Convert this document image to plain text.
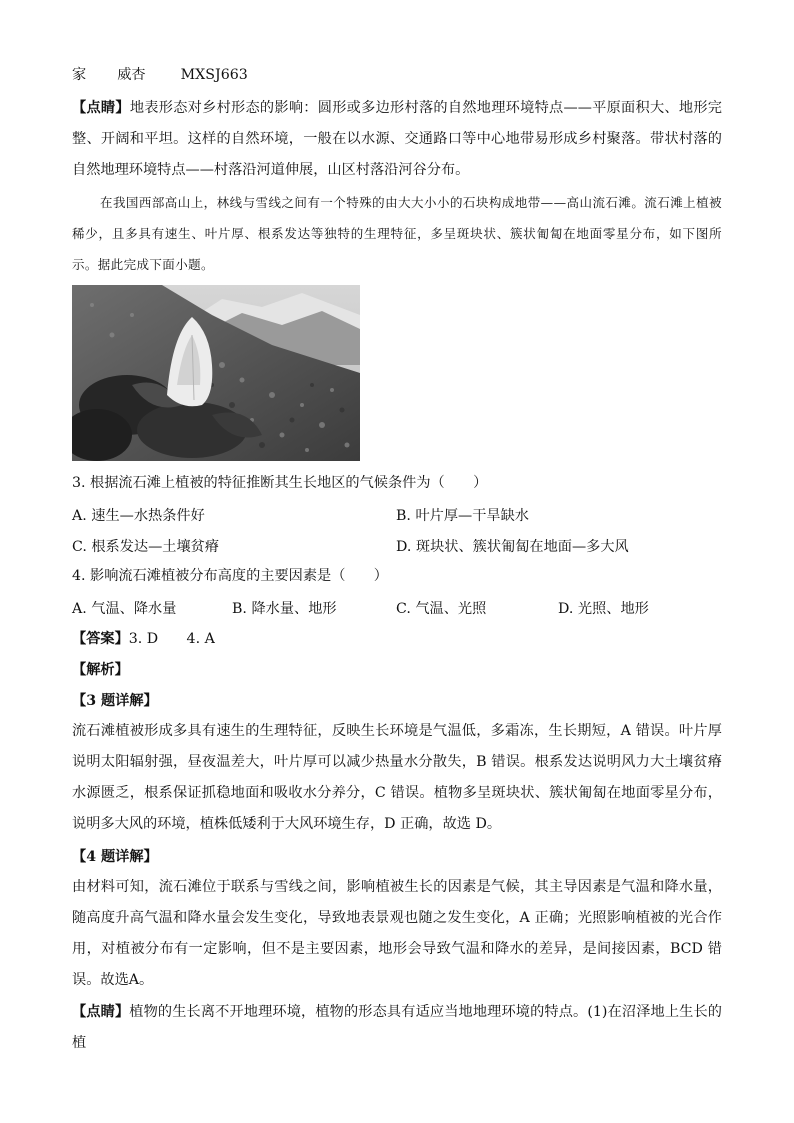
家 威杏 MXSJ663
【点睛】地表形态对乡村形态的影响：圆形或多边形村落的自然地理环境特点——平原面积大、地形完整、开阔和平坦。这样的自然环境，一般在以水源、交通路口等中心地带易形成乡村聚落。带状村落的自然地理环境特点——村落沿河道伸展，山区村落沿河谷分布。
在我国西部高山上，林线与雪线之间有一个特殊的由大大小小的石块构成地带——高山流石滩。流石滩上植被稀少，且多具有速生、叶片厚、根系发达等独特的生理特征，多呈斑块状、簇状匍匐在地面零星分布，如下图所示。据此完成下面小题。
3. 根据流石滩上植被的特征推断其生长地区的气候条件为（　　）
A. 速生—水热条件好	B. 叶片厚—干旱缺水
C. 根系发达—土壤贫瘠	D. 斑块状、簇状匍匐在地面—多大风
4. 影响流石滩植被分布高度的主要因素是（　　）
A. 气温、降水量	B. 降水量、地形	C. 气温、光照	D. 光照、地形
【答案】3. D　　4. A
【解析】
【3 题详解】
流石滩植被形成多具有速生的生理特征，反映生长环境是气温低，多霜冻，生长期短，A 错误。叶片厚说明太阳辐射强，昼夜温差大，叶片厚可以减少热量水分散失，B 错误。根系发达说明风力大土壤贫瘠水源匮乏，根系保证抓稳地面和吸收水分养分，C 错误。植物多呈斑块状、簇状匍匐在地面零星分布，说明多大风的环境，植株低矮利于大风环境生存，D 正确，故选 D。
【4 题详解】
由材料可知，流石滩位于联系与雪线之间，影响植被生长的因素是气候，其主导因素是气温和降水量，随高度升高气温和降水量会发生变化，导致地表景观也随之发生变化，A 正确；光照影响植被的光合作用，对植被分布有一定影响，但不是主要因素，地形会导致气温和降水的差异，是间接因素，BCD 错误。故选A。
【点睛】植物的生长离不开地理环境，植物的形态具有适应当地地理环境的特点。(1)在沼泽地上生长的植
